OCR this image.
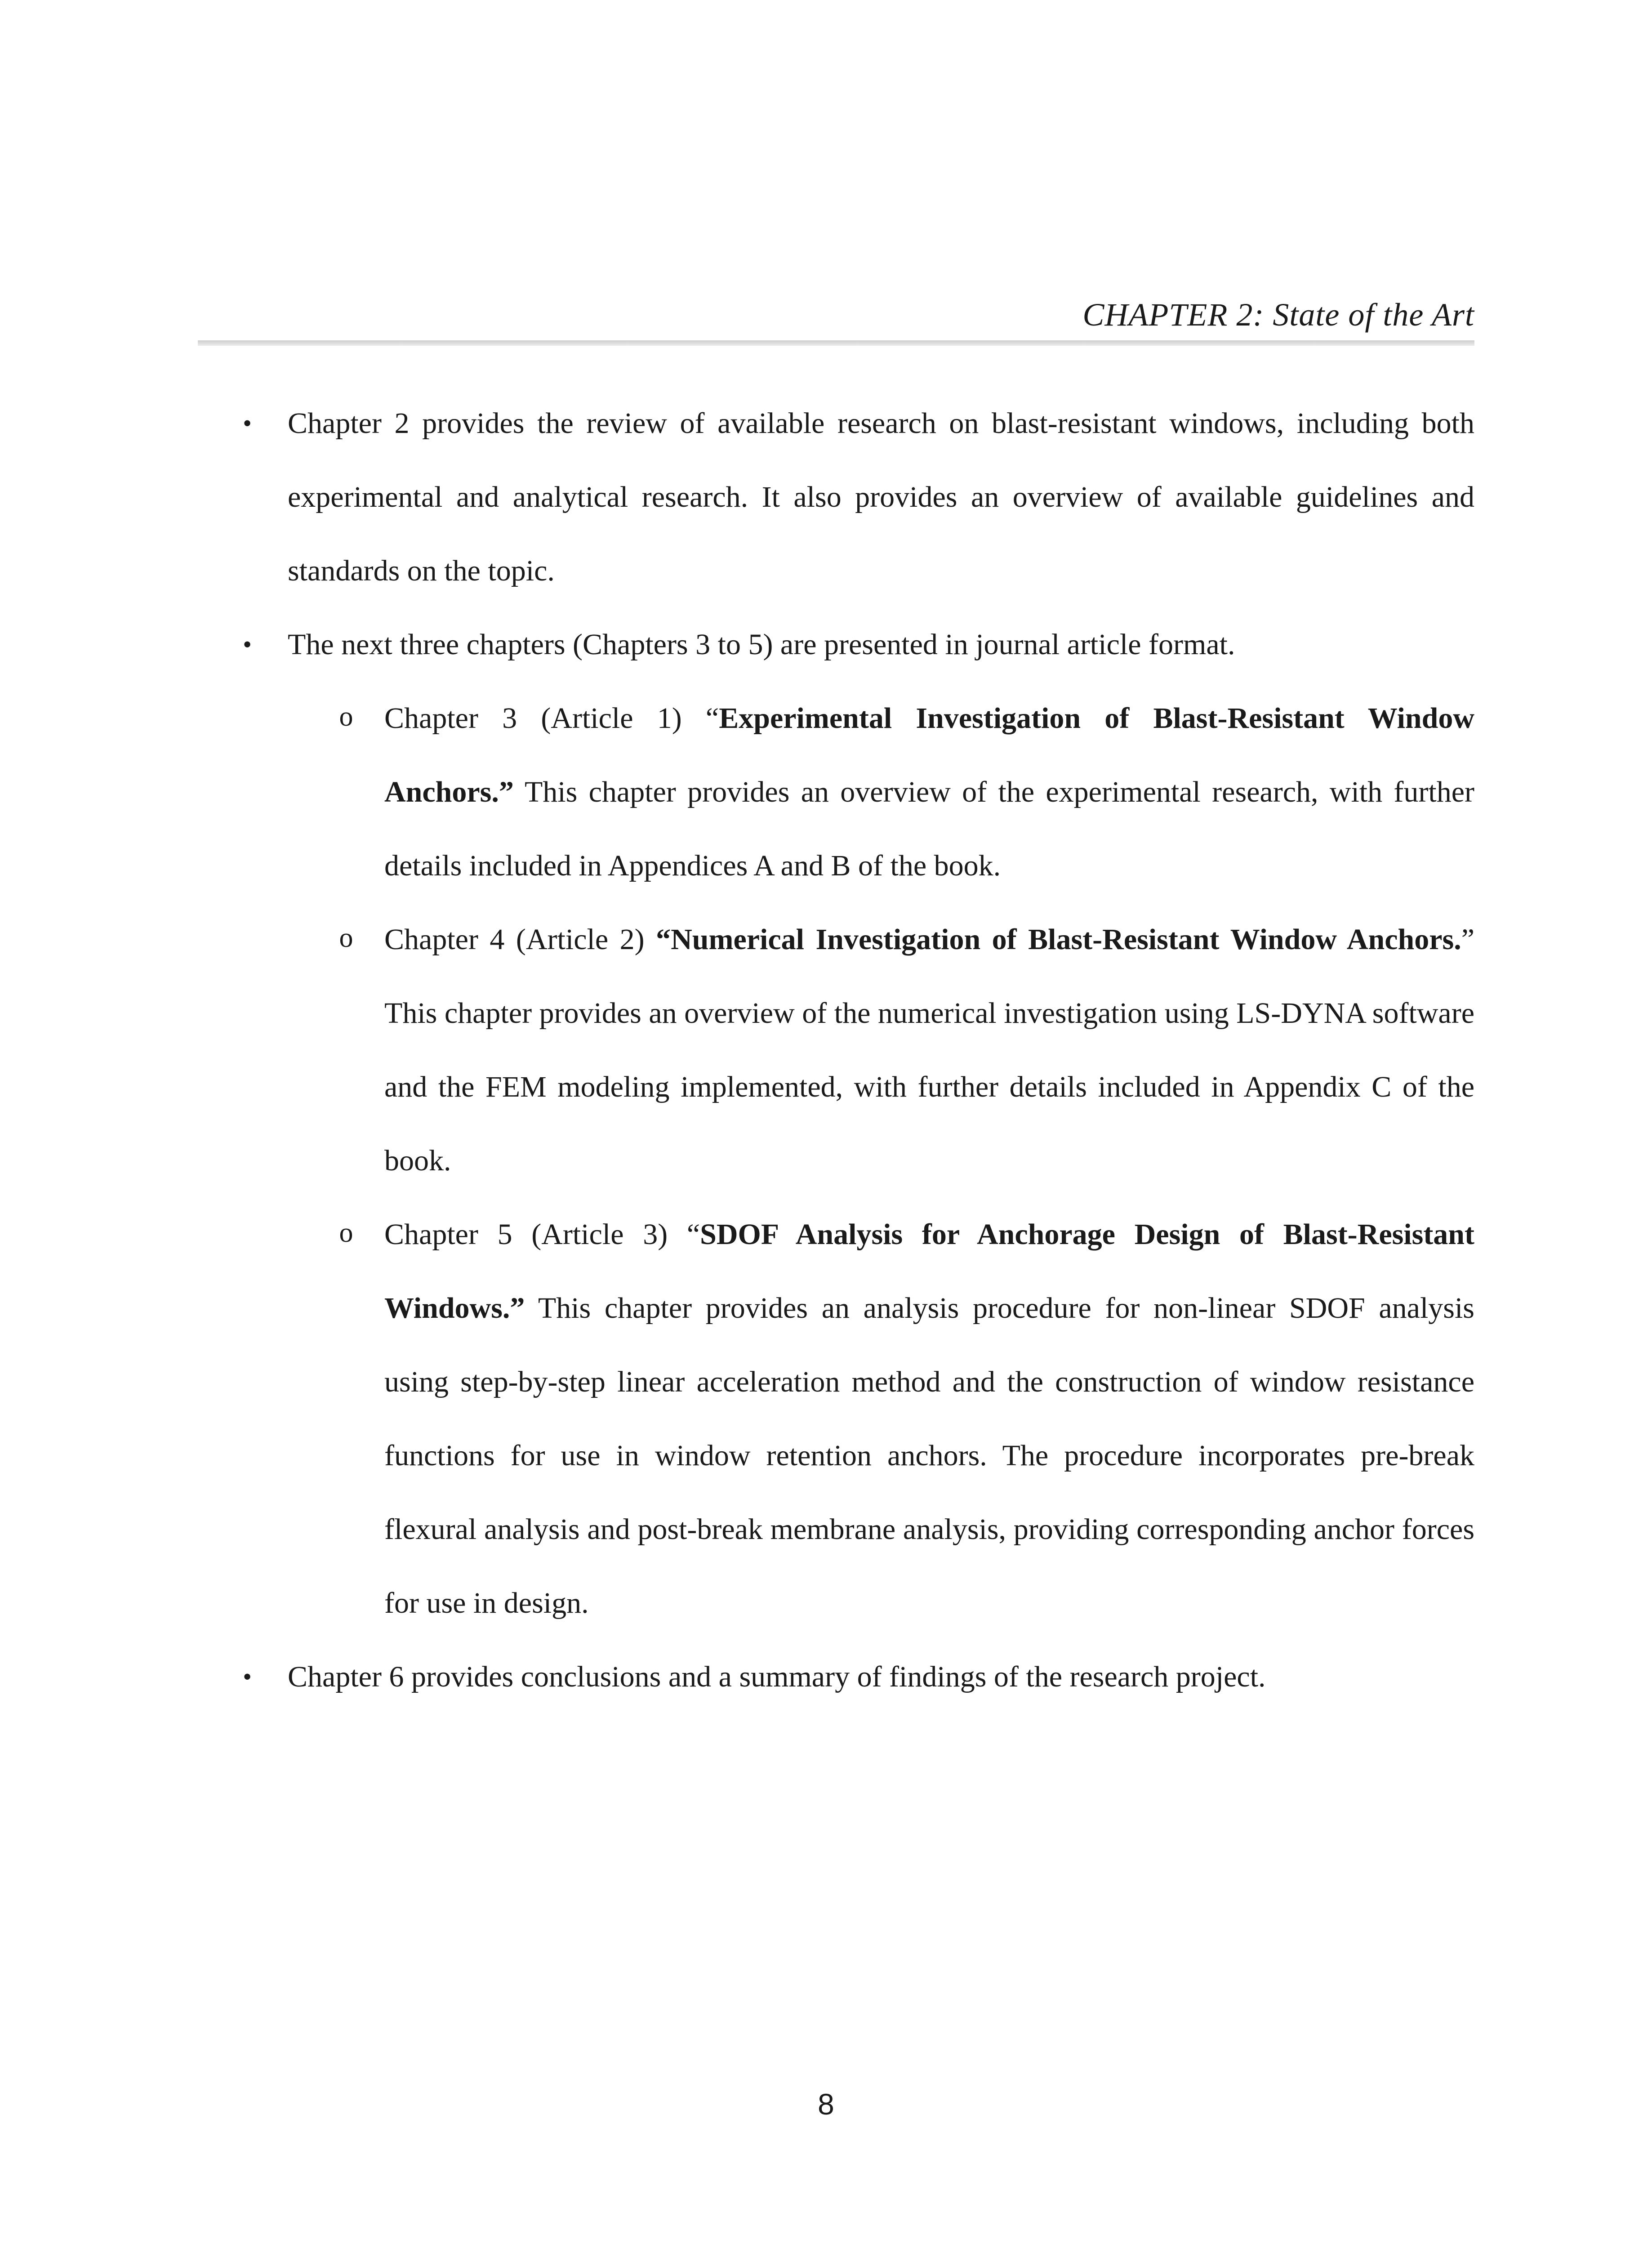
CHAPTER 2: State of the Art
•	Chapter 2 provides the review of available research on blast-resistant windows, including both experimental and analytical research. It also provides an overview of available guidelines and standards on the topic.
•	The next three chapters (Chapters 3 to 5) are presented in journal article format.
o Chapter 3 (Article 1) “Experimental Investigation of Blast-Resistant Window Anchors.” This chapter provides an overview of the experimental research, with further details included in Appendices A and B of the book.
o Chapter 4 (Article 2) “Numerical Investigation of Blast-Resistant Window Anchors.” This chapter provides an overview of the numerical investigation using LS-DYNA software and the FEM modeling implemented, with further details included in Appendix C of the book.
o Chapter 5 (Article 3) “SDOF Analysis for Anchorage Design of Blast-Resistant Windows.” This chapter provides an analysis procedure for non-linear SDOF analysis using step-by-step linear acceleration method and the construction of window resistance functions for use in window retention anchors. The procedure incorporates pre-break flexural analysis and post-break membrane analysis, providing corresponding anchor forces for use in design.
•	Chapter 6 provides conclusions and a summary of findings of the research project.
8
